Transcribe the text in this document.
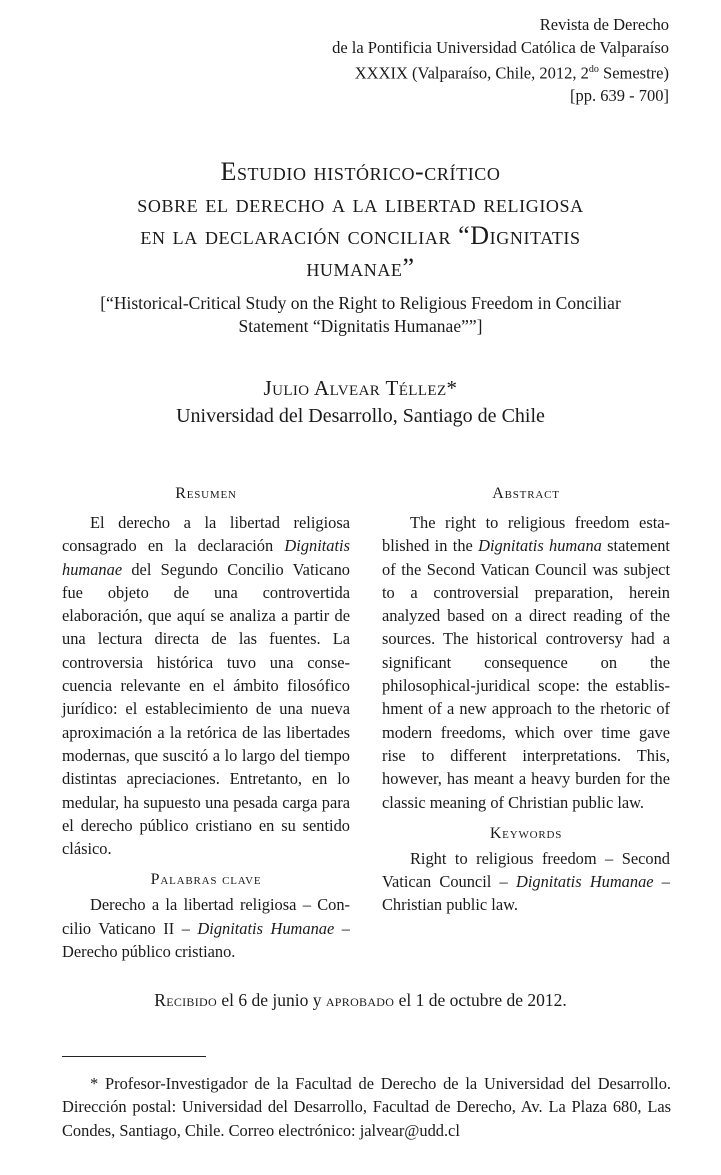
Revista de Derecho
de la Pontificia Universidad Católica de Valparaíso
XXXIX (Valparaíso, Chile, 2012, $2^{do}$ Semestre)
[pp. 639 - 700]
Estudio histórico-crítico
sobre el derecho a la libertad religiosa
en la declaración conciliar “Dignitatis
humanae”
[“Historical-Critical Study on the Right to Religious Freedom in Conciliar
Statement “Dignitatis Humanae””]
Julio Alvear Téllez*
Universidad del Desarrollo, Santiago de Chile
Resumen

El derecho a la libertad religiosa consagrado en la declaración Dignitatis humanae del Segundo Concilio Vaticano fue objeto de una controvertida elaboración, que aquí se analiza a partir de una lectura directa de las fuentes. La controversia histórica tuvo una consecuencia relevante en el ámbito filosófico jurídico: el establecimiento de una nueva aproximación a la retórica de las libertades modernas, que suscitó a lo largo del tiempo distintas apreciaciones. Entretanto, en lo medular, ha supuesto una pesada carga para el derecho público cristiano en su sentido clásico.

Palabras clave

Derecho a la libertad religiosa – Concilio Vaticano II – Dignitatis Humanae – Derecho público cristiano.

Abstract

The right to religious freedom established in the Dignitatis humana statement of the Second Vatican Council was subject to a controversial preparation, herein analyzed based on a direct reading of the sources. The historical controversy had a significant consequence on the philosophical-juridical scope: the establishment of a new approach to the rhetoric of modern freedoms, which over time gave rise to different interpretations. This, however, has meant a heavy burden for the classic meaning of Christian public law.

Keywords

Right to religious freedom – Second Vatican Council – Dignitatis Humanae – Christian public law.

Recibido el 6 de junio y aprobado el 1 de octubre de 2012.
* Profesor-Investigador de la Facultad de Derecho de la Universidad del Desarrollo. Dirección postal: Universidad del Desarrollo, Facultad de Derecho, Av. La Plaza 680, Las Condes, Santiago, Chile. Correo electrónico: jalvear@udd.cl
